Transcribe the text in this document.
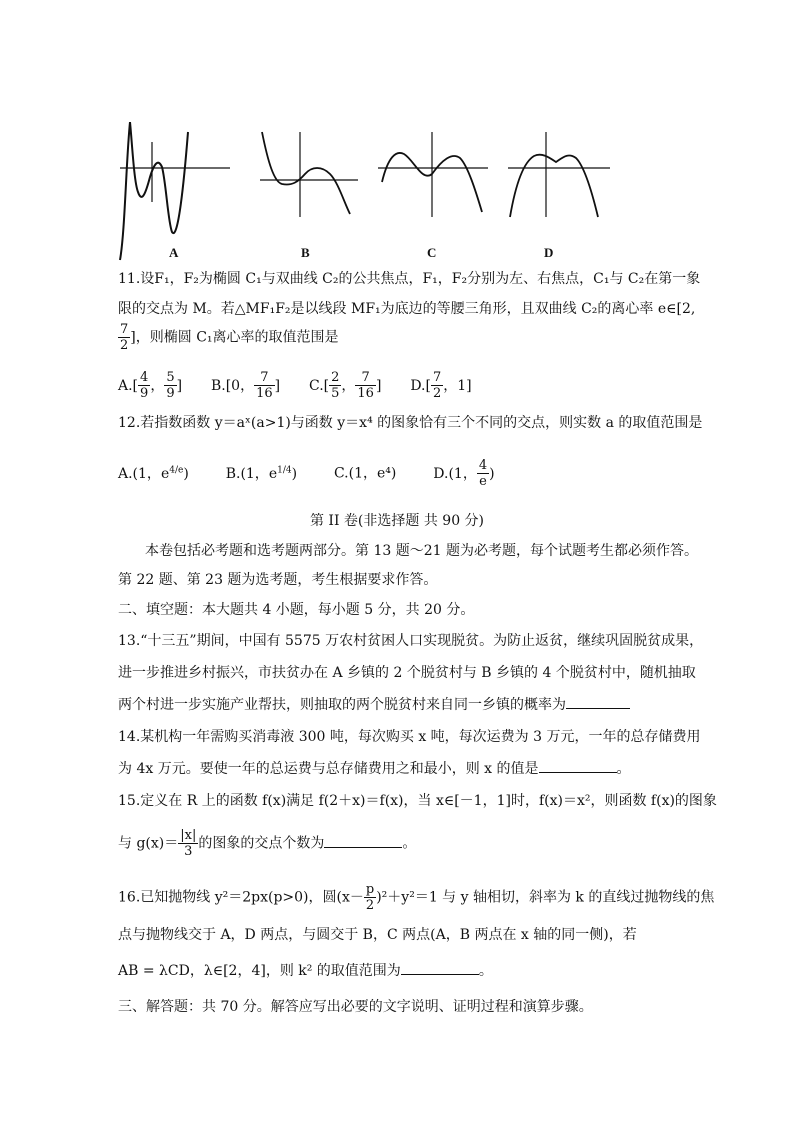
A	B	C	D
11.设F₁，F₂为椭圆 C₁与双曲线 C₂的公共焦点，F₁，F₂分别为左、右焦点，C₁与 C₂在第一象
限的交点为 M。若△MF₁F₂是以线段 MF₁为底边的等腰三角形，且双曲线 C₂的离心率 e∈[2,
$\frac{7}{2}$ ]，则椭圆 C₁离心率的取值范围是
$A.[ \frac{4}{9}$ ， $\frac{5}{9}$ ] B.[0， $\frac{7}{16}$ ] $C.[ \frac{2}{5}$ ， $\frac{7}{16}$ ] $D.[ \frac{7}{2}$ ，1]
12.若指数函数 y＝aˣ(a>1)与函数 y＝x⁴ 的图象恰有三个不同的交点，则实数 a 的取值范围是
A.(1，$e^{4/e}$)	B.(1，$e^{1/4}$)	C.(1，e⁴)	D.(1， $\frac{4}{e}$ )
第 II 卷(非选择题 共 90 分)
本卷包括必考题和选考题两部分。第 13 题～21 题为必考题，每个试题考生都必须作答。
第 22 题、第 23 题为选考题，考生根据要求作答。
二、填空题：本大题共 4 小题，每小题 5 分，共 20 分。
13.“十三五”期间，中国有 5575 万农村贫困人口实现脱贫。为防止返贫，继续巩固脱贫成果，
进一步推进乡村振兴，市扶贫办在 A 乡镇的 2 个脱贫村与 B 乡镇的 4 个脱贫村中，随机抽取
两个村进一步实施产业帮扶，则抽取的两个脱贫村来自同一乡镇的概率为
14.某机构一年需购买消毒液 300 吨，每次购买 x 吨，每次运费为 3 万元，一年的总存储费用
为 4x 万元。要使一年的总运费与总存储费用之和最小，则 x 的值是	。
15.定义在 R 上的函数 f(x)满足 f(2＋x)＝f(x)，当 x∈[－1，1]时，f(x)＝x²，则函数 f(x)的图象
与 $g(x)= \frac{|x|}{3}$ 的图象的交点个数为	。
16.已知抛物线 y²＝2px(p>0)，圆$(x- \frac{p}{2} )^2+y^2=1$ 与 y 轴相切，斜率为 k 的直线过抛物线的焦
点与抛物线交于 A，D 两点，与圆交于 B，C 两点(A，B 两点在 x 轴的同一侧)，若
AB = λCD，λ∈[2，4]，则 k² 的取值范围为	。
三、解答题：共 70 分。解答应写出必要的文字说明、证明过程和演算步骤。
